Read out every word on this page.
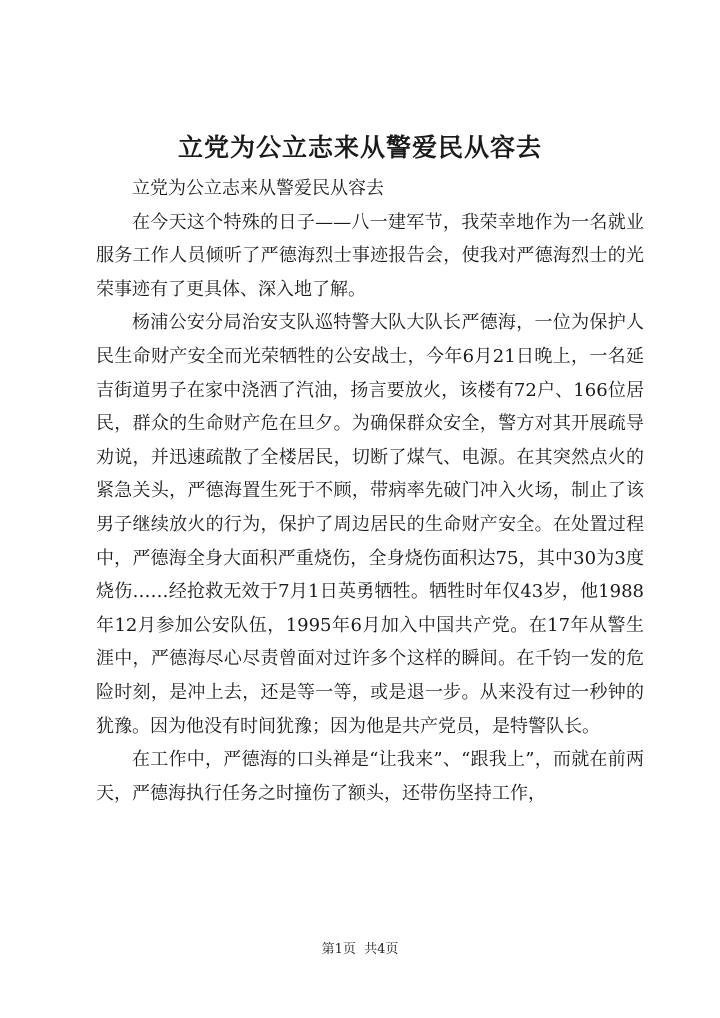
立党为公立志来从警爱民从容去

立党为公立志来从警爱民从容去

在今天这个特殊的日子——八一建军节，我荣幸地作为一名就业服务工作人员倾听了严德海烈士事迹报告会，使我对严德海烈士的光荣事迹有了更具体、深入地了解。

杨浦公安分局治安支队巡特警大队大队长严德海，一位为保护人民生命财产安全而光荣牺牲的公安战士，今年6月21日晚上，一名延吉街道男子在家中浇洒了汽油，扬言要放火，该楼有72户、166位居民，群众的生命财产危在旦夕。为确保群众安全，警方对其开展疏导劝说，并迅速疏散了全楼居民，切断了煤气、电源。在其突然点火的紧急关头，严德海置生死于不顾，带病率先破门冲入火场，制止了该男子继续放火的行为，保护了周边居民的生命财产安全。在处置过程中，严德海全身大面积严重烧伤，全身烧伤面积达75，其中30为3度烧伤……经抢救无效于7月1日英勇牺牲。牺牲时年仅43岁，他1988年12月参加公安队伍，1995年6月加入中国共产党。在17年从警生涯中，严德海尽心尽责曾面对过许多个这样的瞬间。在千钧一发的危险时刻，是冲上去，还是等一等，或是退一步。从来没有过一秒钟的犹豫。因为他没有时间犹豫；因为他是共产党员，是特警队长。

在工作中，严德海的口头禅是“让我来”、“跟我上”，而就在前两天，严德海执行任务之时撞伤了额头，还带伤坚持工作，

第1页 共4页
